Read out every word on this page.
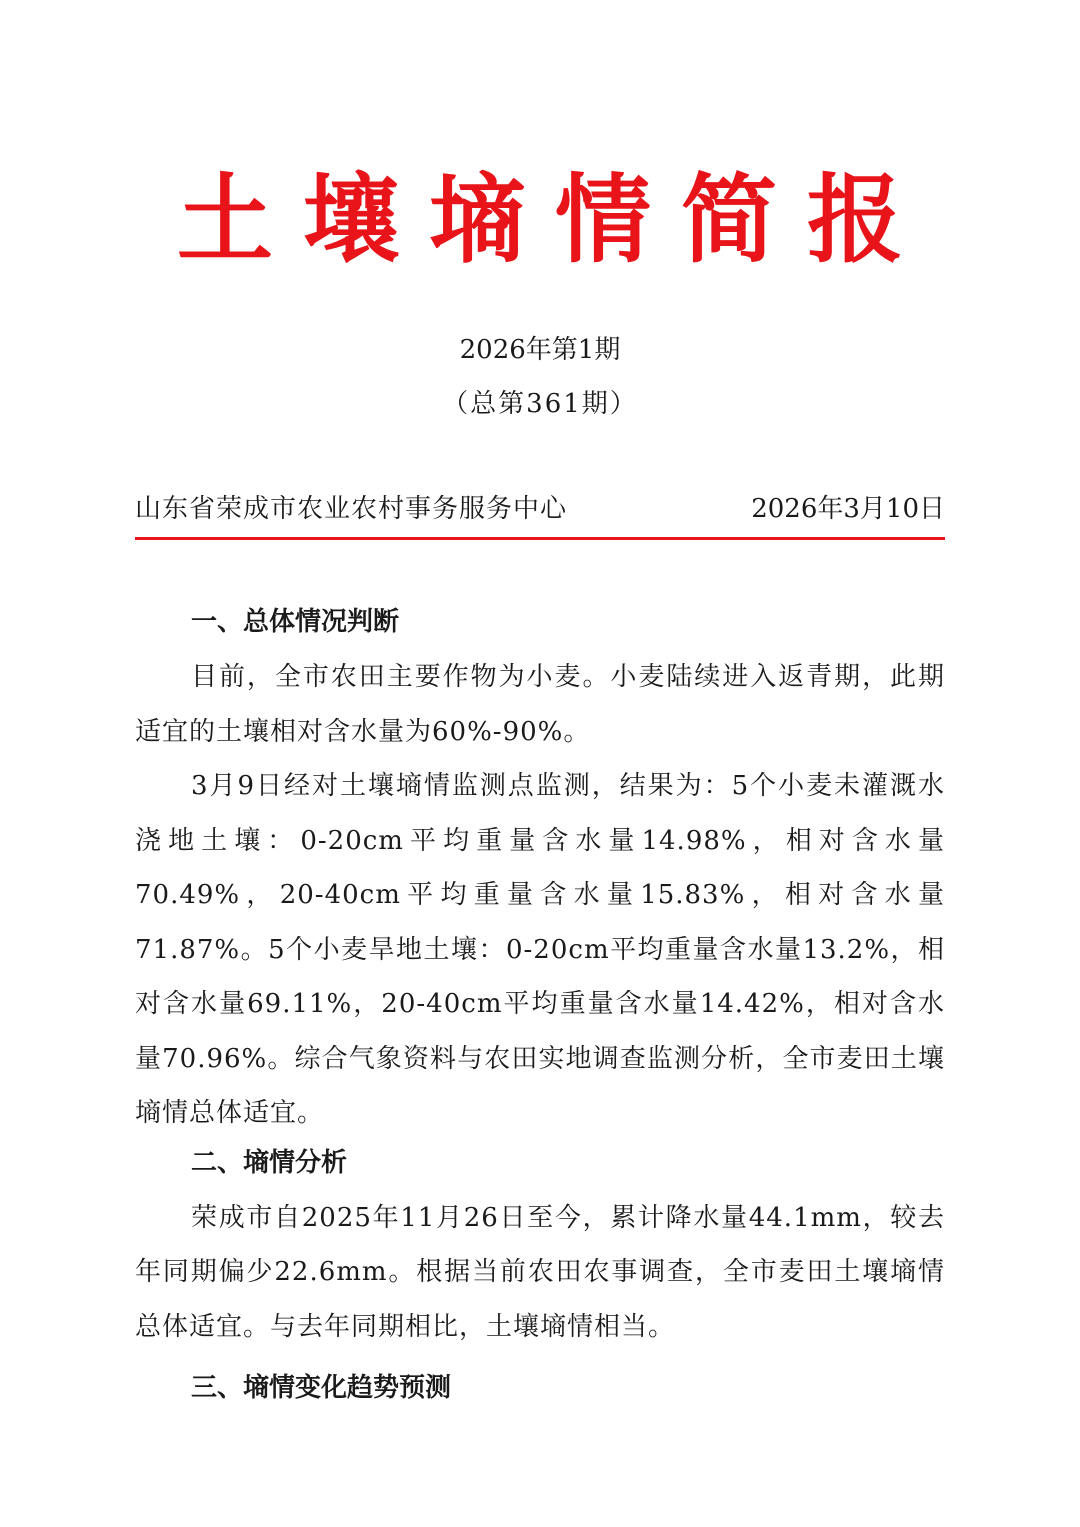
土壤墒情简报
2026年第1期
（总第361期）
山东省荣成市农业农村事务服务中心	2026年3月10日
一、总体情况判断

目前，全市农田主要作物为小麦。小麦陆续进入返青期，此期适宜的土壤相对含水量为60%-90%。

3月9日经对土壤墒情监测点监测，结果为：5个小麦未灌溉水浇地土壤：0-20cm平均重量含水量14.98%，相对含水量70.49%，20-40cm平均重量含水量15.83%，相对含水量71.87%。5个小麦旱地土壤：0-20cm平均重量含水量13.2%，相对含水量69.11%，20-40cm平均重量含水量14.42%，相对含水量70.96%。综合气象资料与农田实地调查监测分析，全市麦田土壤墒情总体适宜。

二、墒情分析

荣成市自2025年11月26日至今，累计降水量44.1mm，较去年同期偏少22.6mm。根据当前农田农事调查，全市麦田土壤墒情总体适宜。与去年同期相比，土壤墒情相当。

三、墒情变化趋势预测
